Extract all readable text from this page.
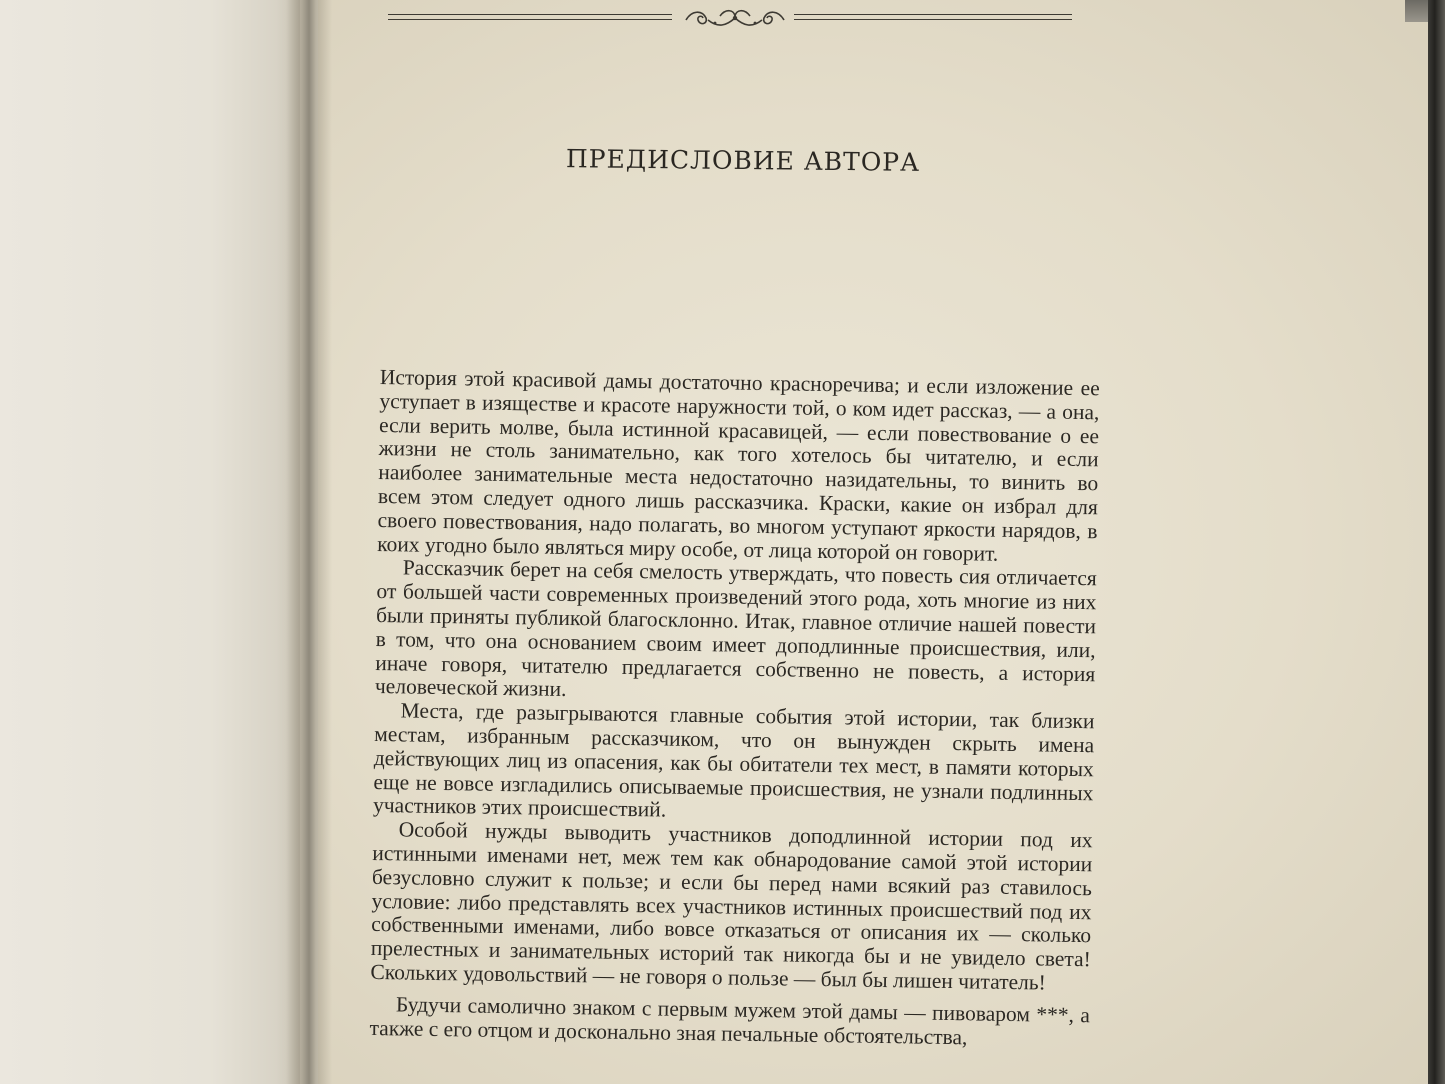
ПРЕДИСЛОВИЕ АВТОРА

История этой красивой дамы достаточно красноречива; и если изложение ее уступает в изяществе и красоте наружности той, о ком идет рассказ, — а она, если верить молве, была истинной красавицей, — если повествование о ее жизни не столь занимательно, как того хотелось бы читателю, и если наиболее занимательные места недостаточно назидательны, то винить во всем этом следует одного лишь рассказчика. Краски, какие он избрал для своего повествования, надо полагать, во многом уступают яркости нарядов, в коих угодно было являться миру особе, от лица которой он говорит.

Рассказчик берет на себя смелость утверждать, что повесть сия отличается от большей части современных произведений этого рода, хоть многие из них были приняты публикой благосклонно. Итак, главное отличие нашей повести в том, что она основанием своим имеет доподлинные происшествия, или, иначе говоря, читателю предлагается собственно не повесть, а история человеческой жизни.

Места, где разыгрываются главные события этой истории, так близки местам, избранным рассказчиком, что он вынужден скрыть имена действующих лиц из опасения, как бы обитатели тех мест, в памяти которых еще не вовсе изгладились описываемые происшествия, не узнали подлинных участников этих происшествий.

Особой нужды выводить участников доподлинной истории под их истинными именами нет, меж тем как обнародование самой этой истории безусловно служит к пользе; и если бы перед нами всякий раз ставилось условие: либо представлять всех участников истинных происшествий под их собственными именами, либо вовсе отказаться от описания их — сколько прелестных и занимательных историй так никогда бы и не увидело света! Скольких удовольствий — не говоря о пользе — был бы лишен читатель!

Будучи самолично знаком с первым мужем этой дамы — пивоваром ***, а также с его отцом и досконально зная печальные обстоятельства,
